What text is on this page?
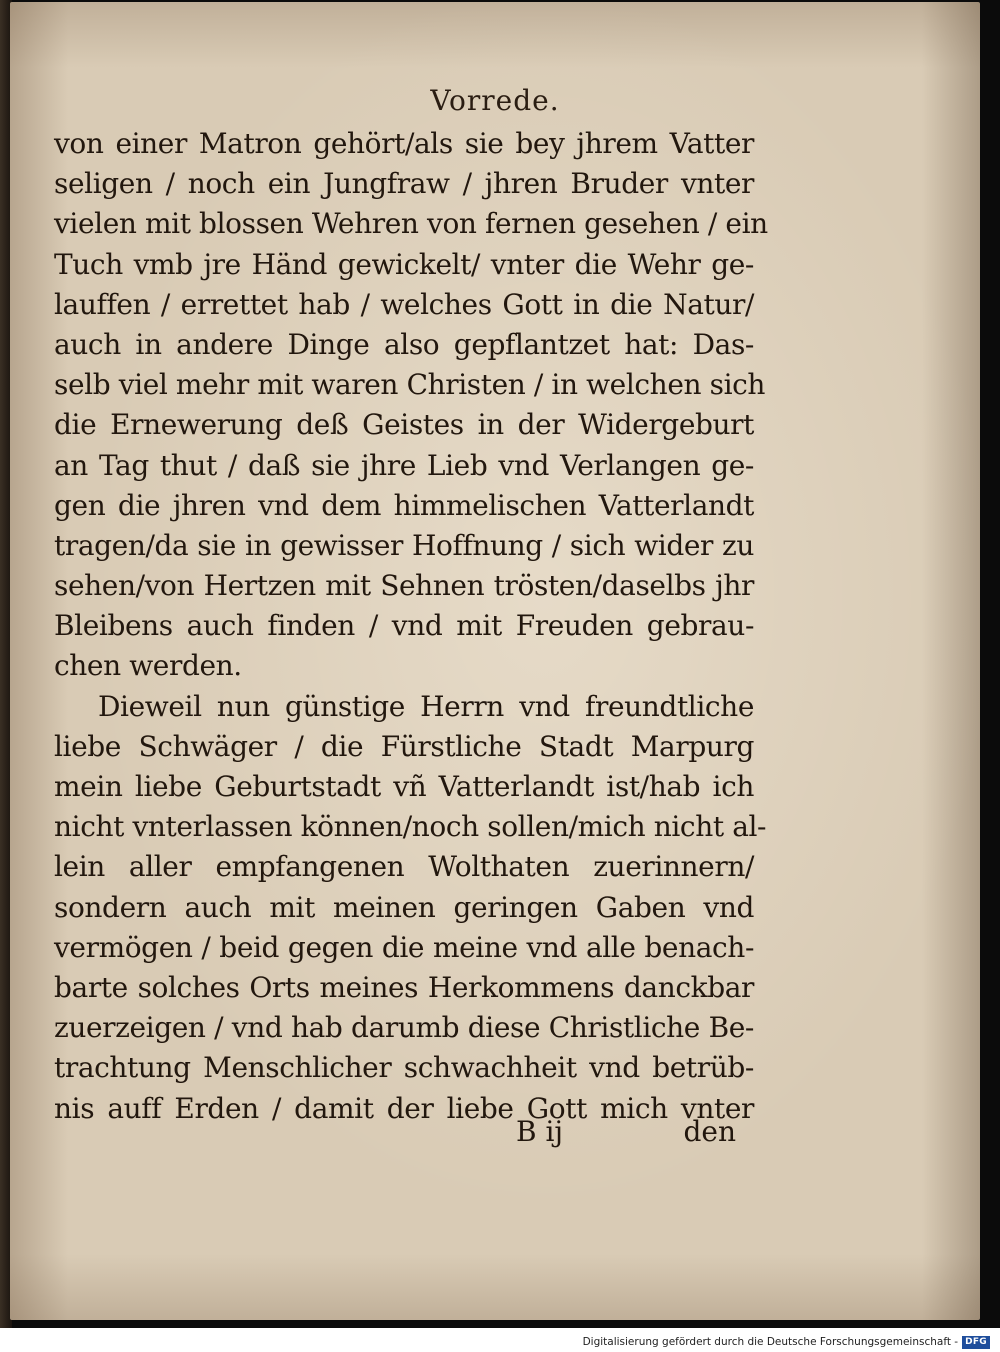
Vorrede.
von einer Matron gehört/als sie bey jhrem Vatter
seligen / noch ein Jungfraw / jhren Bruder vnter
vielen mit blossen Wehren von fernen gesehen / ein
Tuch vmb jre Händ gewickelt/ vnter die Wehr ge-
lauffen / errettet hab / welches Gott in die Natur/
auch in andere Dinge also gepflantzet hat: Das-
selb viel mehr mit waren Christen / in welchen sich
die Ernewerung deß Geistes in der Widergeburt
an Tag thut / daß sie jhre Lieb vnd Verlangen ge-
gen die jhren vnd dem himmelischen Vatterlandt
tragen/da sie in gewisser Hoffnung / sich wider zu
sehen/von Hertzen mit Sehnen trösten/daselbs jhr
Bleibens auch finden / vnd mit Freuden gebrau-
chen werden.
Dieweil nun günstige Herrn vnd freundtliche
liebe Schwäger / die Fürstliche Stadt Marpurg
mein liebe Geburtstadt vñ Vatterlandt ist/hab ich
nicht vnterlassen können/noch sollen/mich nicht al-
lein aller empfangenen Wolthaten zuerinnern/
sondern auch mit meinen geringen Gaben vnd
vermögen / beid gegen die meine vnd alle benach-
barte solches Orts meines Herkommens danckbar
zuerzeigen / vnd hab darumb diese Christliche Be-
trachtung Menschlicher schwachheit vnd betrüb-
nis auff Erden / damit der liebe Gott mich vnter
B ij	den
Digitalisierung gefördert durch die Deutsche Forschungsgemeinschaft - DFG
